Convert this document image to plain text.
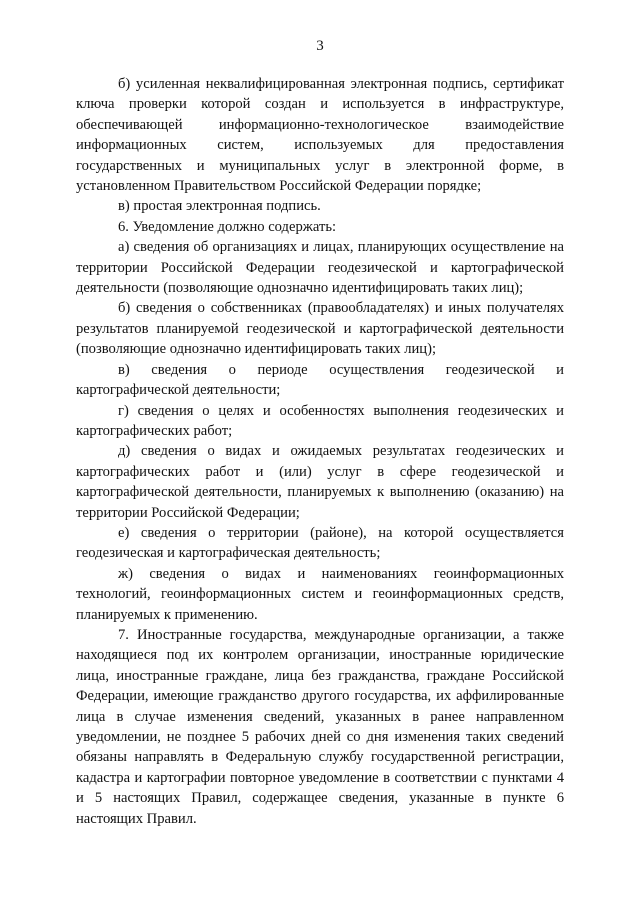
3

б) усиленная неквалифицированная электронная подпись, сертификат ключа проверки которой создан и используется в инфраструктуре, обеспечивающей информационно-технологическое взаимодействие информационных систем, используемых для предоставления государственных и муниципальных услуг в электронной форме, в установленном Правительством Российской Федерации порядке;

в) простая электронная подпись.

6. Уведомление должно содержать:

а) сведения об организациях и лицах, планирующих осуществление на территории Российской Федерации геодезической и картографической деятельности (позволяющие однозначно идентифицировать таких лиц);

б) сведения о собственниках (правообладателях) и иных получателях результатов планируемой геодезической и картографической деятельности (позволяющие однозначно идентифицировать таких лиц);

в) сведения о периоде осуществления геодезической и картографической деятельности;

г) сведения о целях и особенностях выполнения геодезических и картографических работ;

д) сведения о видах и ожидаемых результатах геодезических и картографических работ и (или) услуг в сфере геодезической и картографической деятельности, планируемых к выполнению (оказанию) на территории Российской Федерации;

е) сведения о территории (районе), на которой осуществляется геодезическая и картографическая деятельность;

ж) сведения о видах и наименованиях геоинформационных технологий, геоинформационных систем и геоинформационных средств, планируемых к применению.

7. Иностранные государства, международные организации, а также находящиеся под их контролем организации, иностранные юридические лица, иностранные граждане, лица без гражданства, граждане Российской Федерации, имеющие гражданство другого государства, их аффилированные лица в случае изменения сведений, указанных в ранее направленном уведомлении, не позднее 5 рабочих дней со дня изменения таких сведений обязаны направлять в Федеральную службу государственной регистрации, кадастра и картографии повторное уведомление в соответствии с пунктами 4 и 5 настоящих Правил, содержащее сведения, указанные в пункте 6 настоящих Правил.
